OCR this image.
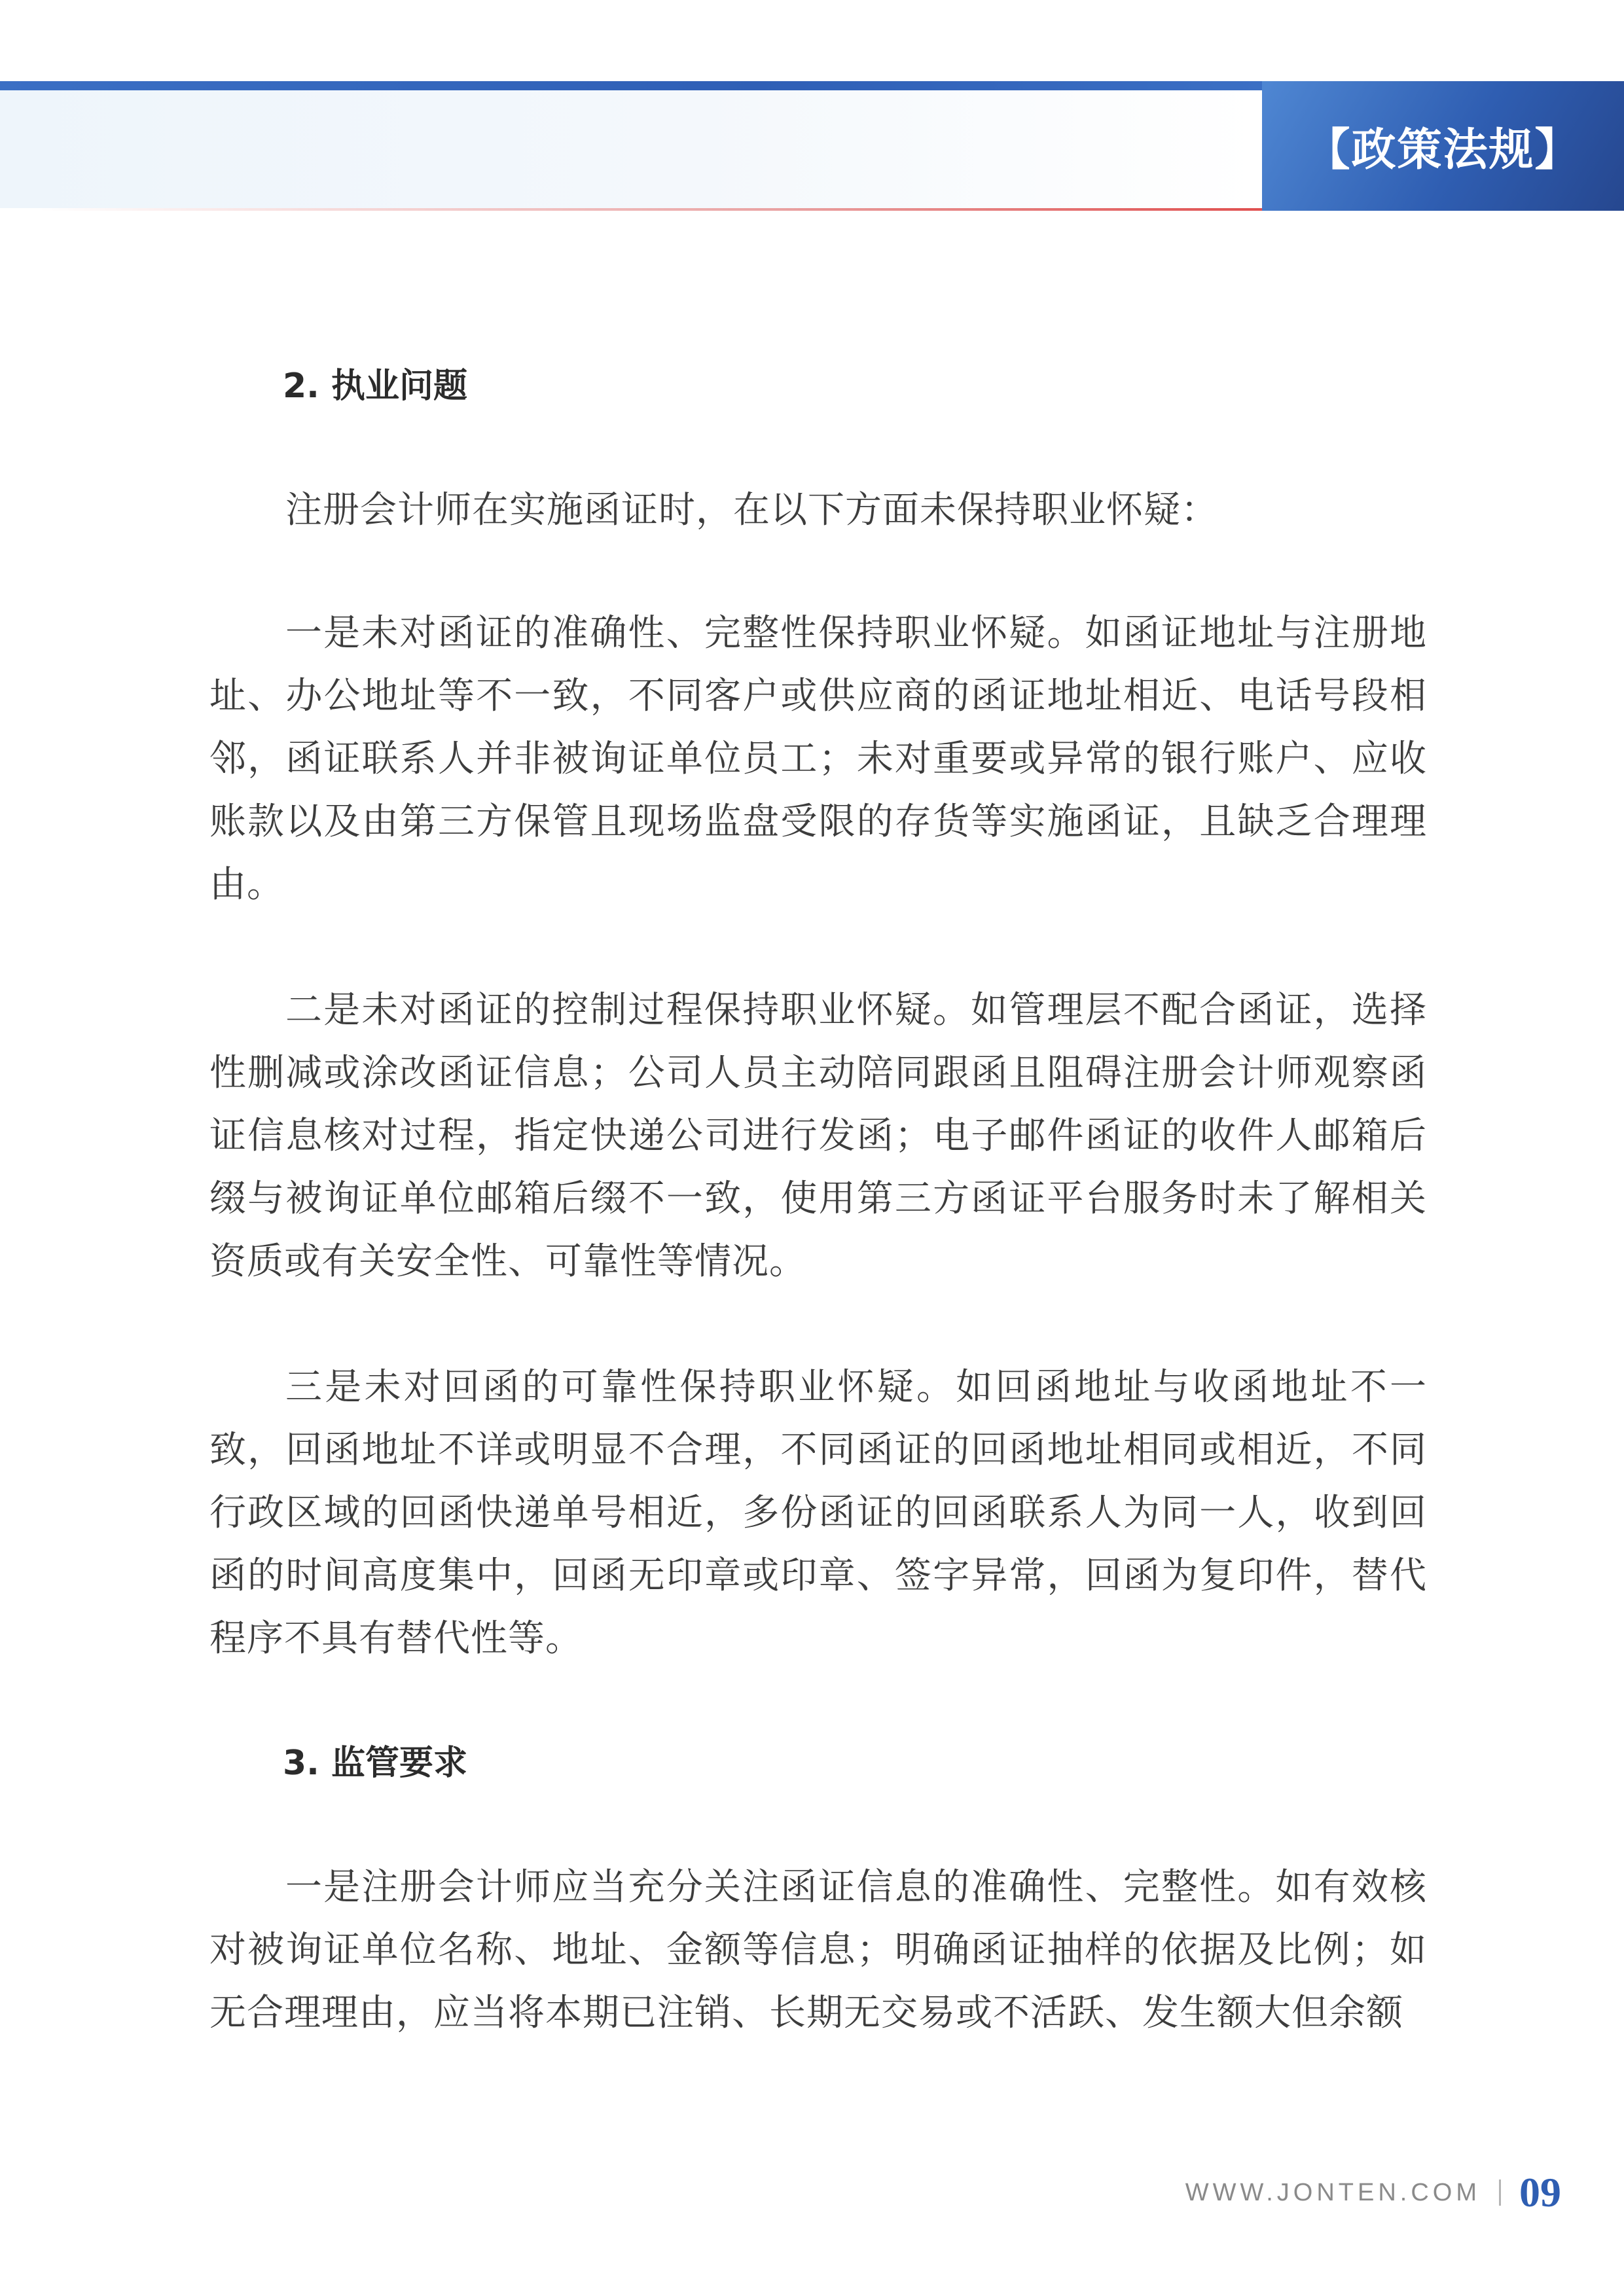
【政策法规】
2. 执业问题

注册会计师在实施函证时，在以下方面未保持职业怀疑：

一是未对函证的准确性、完整性保持职业怀疑。如函证地址与注册地址、办公地址等不一致，不同客户或供应商的函证地址相近、电话号段相邻，函证联系人并非被询证单位员工；未对重要或异常的银行账户、应收账款以及由第三方保管且现场监盘受限的存货等实施函证，且缺乏合理理由。

二是未对函证的控制过程保持职业怀疑。如管理层不配合函证，选择性删减或涂改函证信息；公司人员主动陪同跟函且阻碍注册会计师观察函证信息核对过程，指定快递公司进行发函；电子邮件函证的收件人邮箱后缀与被询证单位邮箱后缀不一致，使用第三方函证平台服务时未了解相关资质或有关安全性、可靠性等情况。

三是未对回函的可靠性保持职业怀疑。如回函地址与收函地址不一致，回函地址不详或明显不合理，不同函证的回函地址相同或相近，不同行政区域的回函快递单号相近，多份函证的回函联系人为同一人，收到回函的时间高度集中，回函无印章或印章、签字异常，回函为复印件，替代程序不具有替代性等。

3. 监管要求

一是注册会计师应当充分关注函证信息的准确性、完整性。如有效核对被询证单位名称、地址、金额等信息；明确函证抽样的依据及比例；如无合理理由，应当将本期已注销、长期无交易或不活跃、发生额大但余额

WWW.JONTEN.COM 09
